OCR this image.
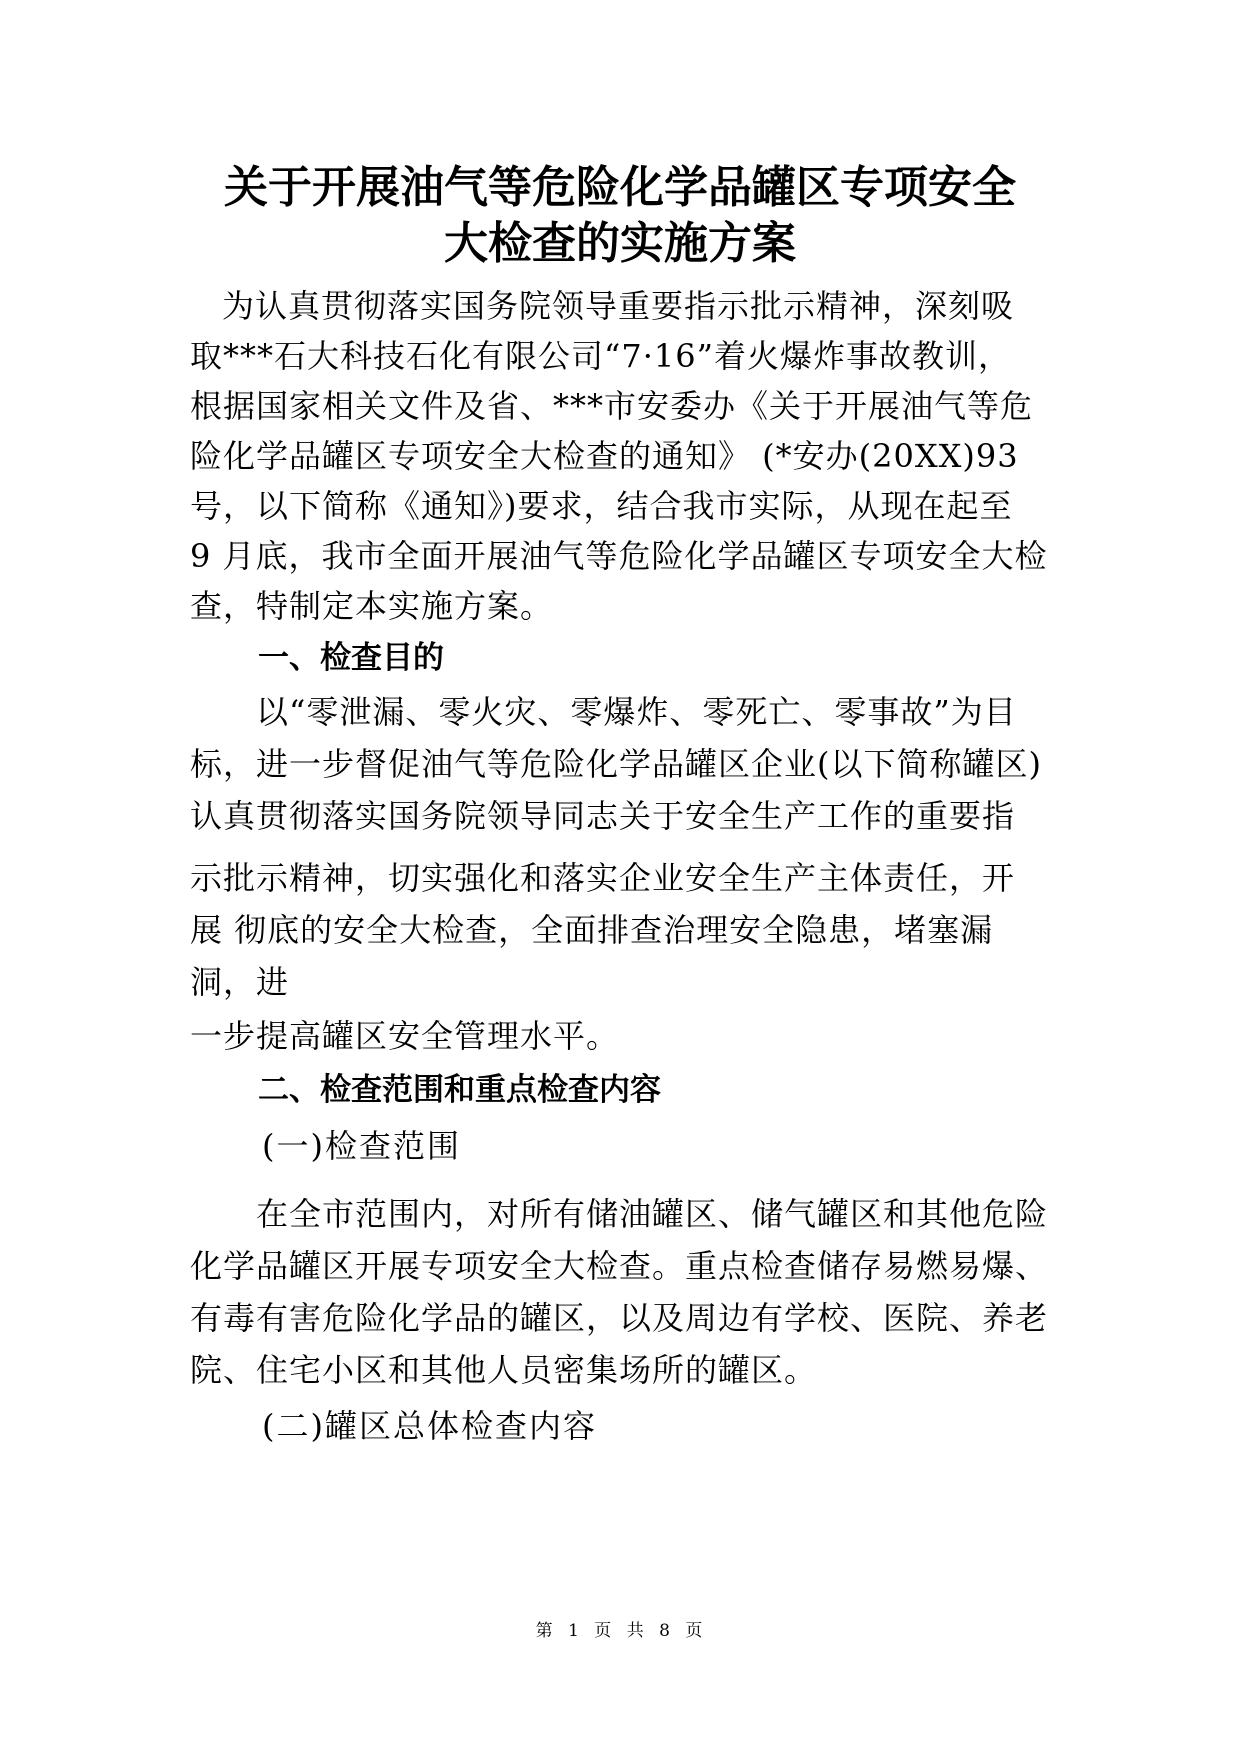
关于开展油气等危险化学品罐区专项安全
大检查的实施方案
为认真贯彻落实国务院领导重要指示批示精神，深刻吸
取***石大科技石化有限公司“7·16”着火爆炸事故教训，
根据国家相关文件及省、***市安委办《关于开展油气等危
险化学品罐区专项安全大检查的通知》 (*安办(20XX)93
号，以下简称《通知》)要求，结合我市实际，从现在起至
9 月底，我市全面开展油气等危险化学品罐区专项安全大检
查，特制定本实施方案。
一、检查目的
以“零泄漏、零火灾、零爆炸、零死亡、零事故”为目
标，进一步督促油气等危险化学品罐区企业(以下简称罐区)
认真贯彻落实国务院领导同志关于安全生产工作的重要指
示批示精神，切实强化和落实企业安全生产主体责任，开
展 彻底的安全大检查，全面排查治理安全隐患，堵塞漏
洞，进
一步提高罐区安全管理水平。
二、检查范围和重点检查内容
(一)检查范围
在全市范围内，对所有储油罐区、储气罐区和其他危险
化学品罐区开展专项安全大检查。重点检查储存易燃易爆、
有毒有害危险化学品的罐区，以及周边有学校、医院、养老
院、住宅小区和其他人员密集场所的罐区。
(二)罐区总体检查内容
第 1 页 共 8 页
